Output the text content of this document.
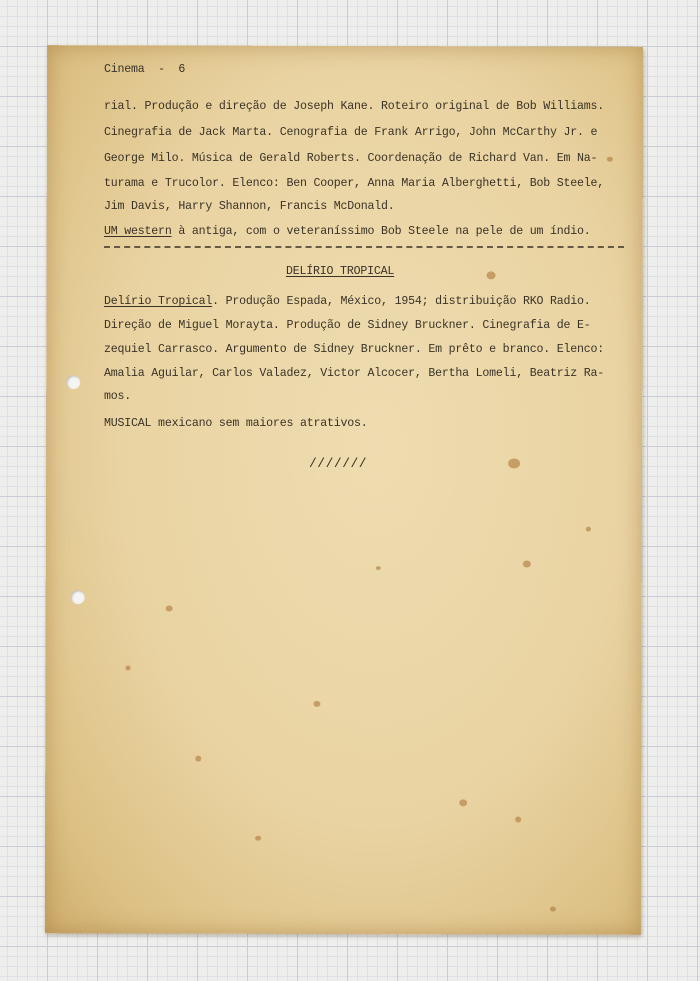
Cinema  -  6
rial. Produção e direção de Joseph Kane. Roteiro original de Bob Williams.
Cinegrafia de Jack Marta. Cenografia de Frank Arrigo, John McCarthy Jr. e
George Milo. Música de Gerald Roberts. Coordenação de Richard Van. Em Na-
turama e Trucolor. Elenco: Ben Cooper, Anna Maria Alberghetti, Bob Steele,
Jim Davis, Harry Shannon, Francis McDonald.
UM western à antiga, com o veteraníssimo Bob Steele na pele de um índio.
DELÍRIO TROPICAL
Delírio Tropical. Produção Espada, México, 1954; distribuição RKO Radio.
Direção de Miguel Morayta. Produção de Sidney Bruckner. Cinegrafia de E-
zequiel Carrasco. Argumento de Sidney Bruckner. Em prêto e branco. Elenco:
Amalia Aguilar, Carlos Valadez, Victor Alcocer, Bertha Lomeli, Beatriz Ra-
mos.
MUSICAL mexicano sem maiores atrativos.
///////
